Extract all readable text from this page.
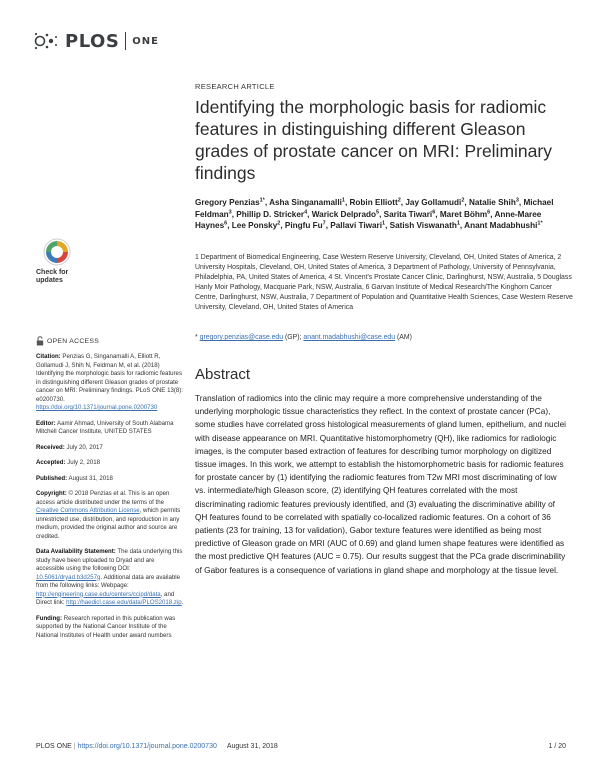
PLOS ONE
RESEARCH ARTICLE
Identifying the morphologic basis for radiomic features in distinguishing different Gleason grades of prostate cancer on MRI: Preliminary findings
Gregory Penzias$^{1*}$, Asha Singanamalli$^1$, Robin Elliott$^2$, Jay Gollamudi$^2$, Natalie Shih$^3$, Michael Feldman$^3$, Phillip D. Stricker$^4$, Warick Delprado$^5$, Sarita Tiwari$^6$, Maret Böhm$^6$, Anne-Maree Haynes$^6$, Lee Ponsky$^2$, Pingfu Fu$^7$, Pallavi Tiwari$^1$, Satish Viswanath$^1$, Anant Madabhushi$^{1*}$
1 Department of Biomedical Engineering, Case Western Reserve University, Cleveland, OH, United States of America, 2 University Hospitals, Cleveland, OH, United States of America, 3 Department of Pathology, University of Pennsylvania, Philadelphia, PA, United States of America, 4 St. Vincent's Prostate Cancer Clinic, Darlinghurst, NSW, Australia, 5 Douglass Hanly Moir Pathology, Macquarie Park, NSW, Australia, 6 Garvan Institute of Medical Research/The Kinghorn Cancer Centre, Darlinghurst, NSW, Australia, 7 Department of Population and Quantitative Health Sciences, Case Western Reserve University, Cleveland, OH, United States of America
* gregory.penzias@case.edu (GP); anant.madabhushi@case.edu (AM)
Abstract

Translation of radiomics into the clinic may require a more comprehensive understanding of the underlying morphologic tissue characteristics they reflect. In the context of prostate cancer (PCa), some studies have correlated gross histological measurements of gland lumen, epithelium, and nuclei with disease appearance on MRI. Quantitative histomorphometry (QH), like radiomics for radiologic images, is the computer based extraction of features for describing tumor morphology on digitized tissue images. In this work, we attempt to establish the histomorphometric basis for radiomic features for prostate cancer by (1) identifying the radiomic features from T2w MRI most discriminating of low vs. intermediate/high Gleason score, (2) identifying QH features correlated with the most discriminating radiomic features previously identified, and (3) evaluating the discriminative ability of QH features found to be correlated with spatially co-localized radiomic features. On a cohort of 36 patients (23 for training, 13 for validation), Gabor texture features were identified as being most predictive of Gleason grade on MRI (AUC of 0.69) and gland lumen shape features were identified as the most predictive QH features (AUC = 0.75). Our results suggest that the PCa grade discriminability of Gabor features is a consequence of variations in gland shape and morphology at the tissue level.

Check for
updates
OPEN ACCESS
Citation: Penzias G, Singanamalli A, Elliott R, Gollamudi J, Shih N, Feldman M, et al. (2018) Identifying the morphologic basis for radiomic features in distinguishing different Gleason grades of prostate cancer on MRI: Preliminary findings. PLoS ONE 13(8): e0200730. https://doi.org/10.1371/journal.pone.0200730
Editor: Aamir Ahmad, University of South Alabama Mitchell Cancer Institute, UNITED STATES
Received: July 20, 2017
Accepted: July 2, 2018
Published: August 31, 2018
Copyright: © 2018 Penzias et al. This is an open access article distributed under the terms of the Creative Commons Attribution License, which permits unrestricted use, distribution, and reproduction in any medium, provided the original author and source are credited.
Data Availability Statement: The data underlying this study have been uploaded to Dryad and are accessible using the following DOI: 10.5061/dryad.b3d257g. Additional data are available from the following links: Webpage: http://engineering.case.edu/centers/ccipd/data, and Direct link: http://haedicl.case.edu/data/PLOS2018.zip.
Funding: Research reported in this publication was supported by the National Cancer Institute of the National Institutes of Health under award numbers
PLOS ONE | https://doi.org/10.1371/journal.pone.0200730 August 31, 2018	1 / 20
